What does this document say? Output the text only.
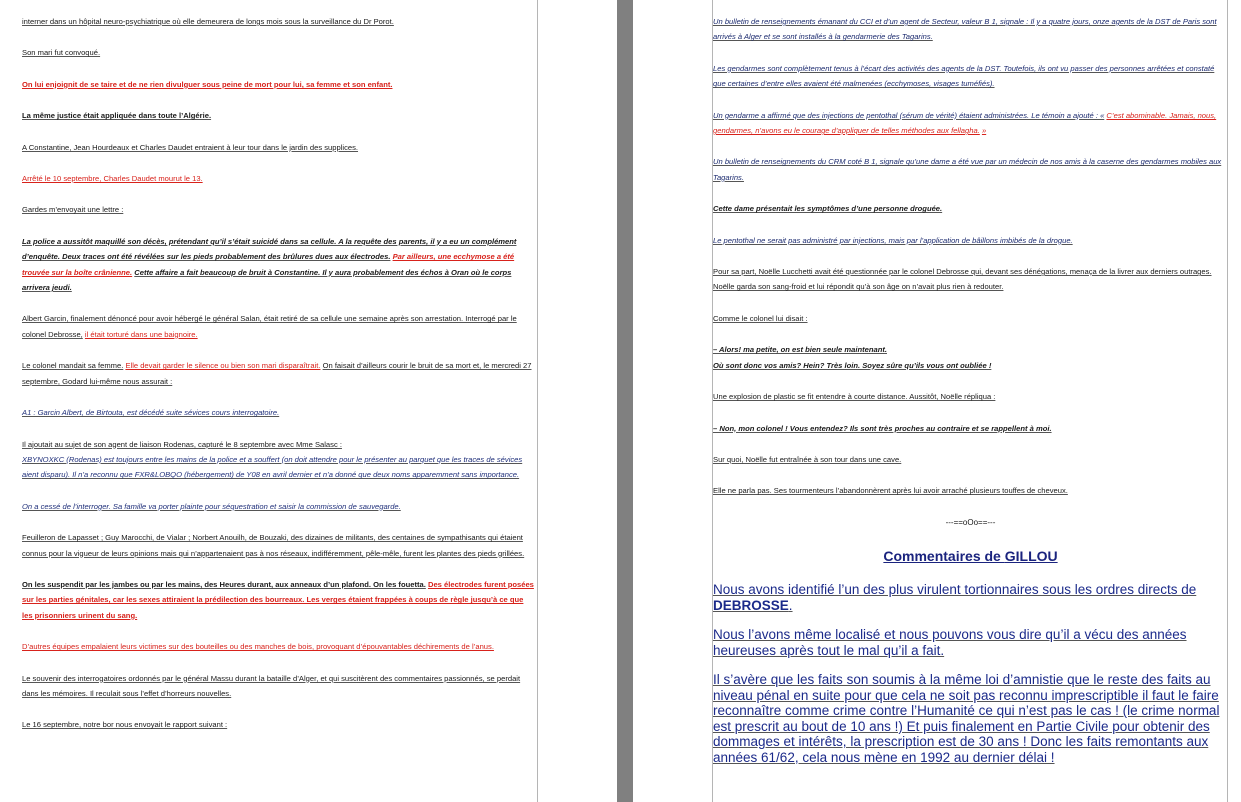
interner dans un hôpital neuro-psychiatrique où elle demeurera de longs mois sous la surveillance du Dr Porot.

Son mari fut convoqué.

On lui enjoignit de se taire et de ne rien divulguer sous peine de mort pour lui, sa femme et son enfant.

La même justice était appliquée dans toute l’Algérie.

A Constantine, Jean Hourdeaux et Charles Daudet entraient à leur tour dans le jardin des supplices.

Arrêté le 10 septembre, Charles Daudet mourut le 13.

Gardes m’envoyait une lettre :

La police a aussitôt maquillé son décès, prétendant qu’il s’était suicidé dans sa cellule. A la requête des parents, il y a eu un complément d’enquête. Deux traces ont été révélées sur les pieds probablement des brûlures dues aux électrodes. Par ailleurs, une ecchymose a été trouvée sur la boîte crânienne. Cette affaire a fait beaucoup de bruit à Constantine. Il y aura probablement des échos à Oran où le corps arrivera jeudi.

Albert Garcin, finalement dénoncé pour avoir hébergé le général Salan, était retiré de sa cellule une semaine après son arrestation. Interrogé par le colonel Debrosse, il était torturé dans une baignoire.

Le colonel mandait sa femme. Elle devait garder le silence ou bien son mari disparaîtrait. On faisait d’ailleurs courir le bruit de sa mort et, le mercredi 27 septembre, Godard lui-même nous assurait :

A1 : Garcin Albert, de Birtouta, est décédé suite sévices cours interrogatoire.

Il ajoutait au sujet de son agent de liaison Rodenas, capturé le 8 septembre avec Mme Salasc :
XBYNOXKC (Rodenas) est toujours entre les mains de la police et a souffert (on doit attendre pour le présenter au parquet que les traces de sévices aient disparu). Il n’a reconnu que FXR&LOBQO (hébergement) de Y08 en avril dernier et n’a donné que deux noms apparemment sans importance.

On a cessé de l’interroger. Sa famille va porter plainte pour séquestration et saisir la commission de sauvegarde.

Feuilleron de Lapasset ; Guy Marocchi, de Vialar ; Norbert Anouilh, de Bouzaki, des dizaines de militants, des centaines de sympathisants qui étaient connus pour la vigueur de leurs opinions mais qui n’appartenaient pas à nos réseaux, indifféremment, pêle-mêle, furent les plantes des pieds grillées.

On les suspendit par les jambes ou par les mains, des Heures durant, aux anneaux d’un plafond. On les fouetta. Des électrodes furent posées sur les parties génitales, car les sexes attiraient la prédilection des bourreaux. Les verges étaient frappées à coups de règle jusqu’à ce que les prisonniers urinent du sang.

D’autres équipes empalaient leurs victimes sur des bouteilles ou des manches de bois, provoquant d’épouvantables déchirements de l’anus.

Le souvenir des interrogatoires ordonnés par le général Massu durant la bataille d’Alger, et qui suscitèrent des commentaires passionnés, se perdait dans les mémoires. Il reculait sous l’effet d’horreurs nouvelles.

Le 16 septembre, notre bor nous envoyait le rapport suivant :

Un bulletin de renseignements émanant du CCI et d’un agent de Secteur, valeur B 1, signale : Il y a quatre jours, onze agents de la DST de Paris sont arrivés à Alger et se sont installés à la gendarmerie des Tagarins.

Les gendarmes sont complètement tenus à l’écart des activités des agents de la DST. Toutefois, ils ont vu passer des personnes arrêtées et constaté que certaines d’entre elles avaient été malmenées (ecchymoses, visages tuméfiés).

Un gendarme a affirmé que des injections de pentothal (sérum de vérité) étaient administrées. Le témoin a ajouté : « C’est abominable. Jamais, nous, gendarmes, n’avons eu le courage d’appliquer de telles méthodes aux fellagha. »

Un bulletin de renseignements du CRM coté B 1, signale qu’une dame a été vue par un médecin de nos amis à la caserne des gendarmes mobiles aux Tagarins.

Cette dame présentait les symptômes d’une personne droguée.

Le pentothal ne serait pas administré par injections, mais par l’application de bâillons imbibés de la drogue.

Pour sa part, Noëlle Lucchetti avait été questionnée par le colonel Debrosse qui, devant ses dénégations, menaça de la livrer aux derniers outrages. Noëlle garda son sang-froid et lui répondit qu’à son âge on n’avait plus rien à redouter.

Comme le colonel lui disait :

– Alors! ma petite, on est bien seule maintenant.
Où sont donc vos amis? Hein? Très loin. Soyez sûre qu’ils vous ont oubliée !

Une explosion de plastic se fit entendre à courte distance. Aussitôt, Noëlle répliqua :

– Non, mon colonel ! Vous entendez? Ils sont très proches au contraire et se rappellent à moi.

Sur quoi, Noëlle fut entraînée à son tour dans une cave.

Elle ne parla pas. Ses tourmenteurs l’abandonnèrent après lui avoir arraché plusieurs touffes de cheveux.

---==oOo==---

Commentaires de GILLOU

Nous avons identifié l’un des plus virulent tortionnaires sous les ordres directs de DEBROSSE.

Nous l’avons même localisé et nous pouvons vous dire qu’il a vécu des années heureuses après tout le mal qu’il a fait.

Il s’avère que les faits son soumis à la même loi d’amnistie que le reste des faits au niveau pénal en suite pour que cela ne soit pas reconnu imprescriptible il faut le faire reconnaître comme crime contre l’Humanité ce qui n’est pas le cas ! (le crime normal est prescrit au bout de 10 ans !) Et puis finalement en Partie Civile pour obtenir des dommages et intérêts, la prescription est de 30 ans ! Donc les faits remontants aux années 61/62, cela nous mène en 1992 au dernier délai !
